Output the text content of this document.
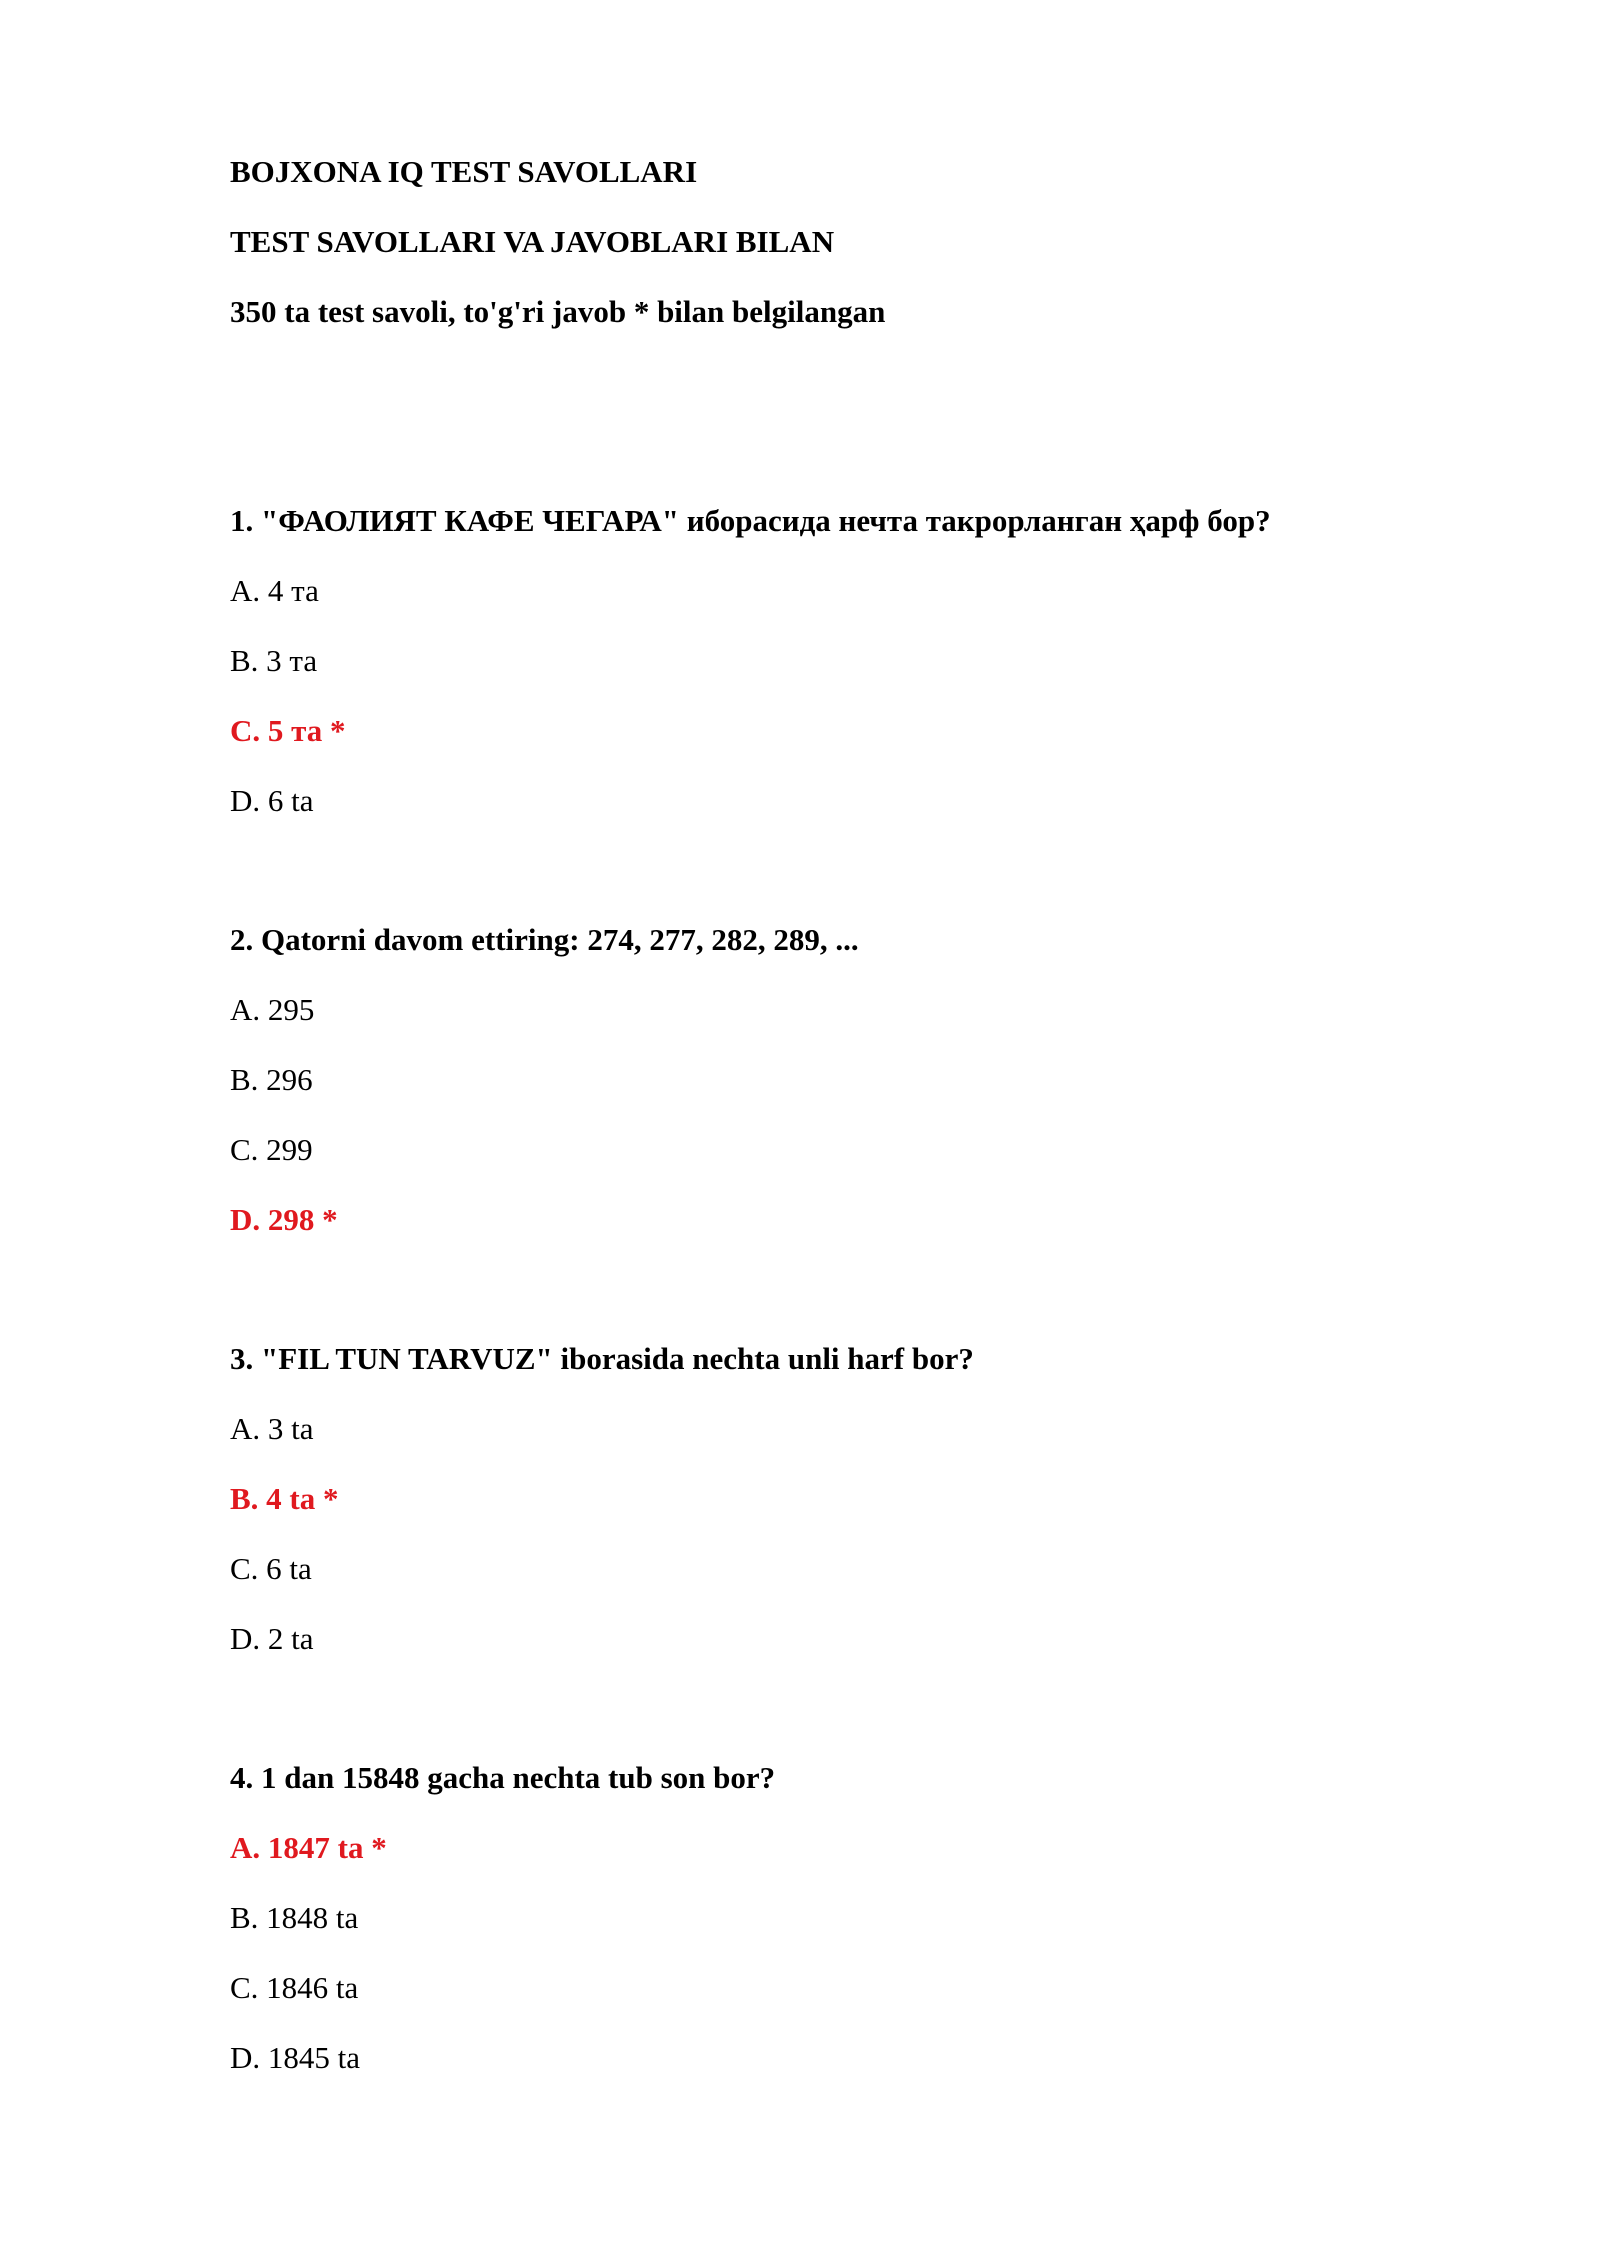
BOJXONA IQ TEST SAVOLLARI
TEST SAVOLLARI VA JAVOBLARI BILAN
350 ta test savoli, to'g'ri javob * bilan belgilangan
1. "ФАОЛИЯТ КАФЕ ЧЕГАРА" иборасида нечта такрорланган ҳарф бор?
A. 4 та
B. 3 та
C. 5 та *
D. 6 ta
2. Qatorni davom ettiring: 274, 277, 282, 289, ...
A. 295
B. 296
C. 299
D. 298 *
3. "FIL TUN TARVUZ" iborasida nechta unli harf bor?
A. 3 ta
B. 4 ta *
C. 6 ta
D. 2 ta
4. 1 dan 15848 gacha nechta tub son bor?
A. 1847 ta *
B. 1848 ta
C. 1846 ta
D. 1845 ta
